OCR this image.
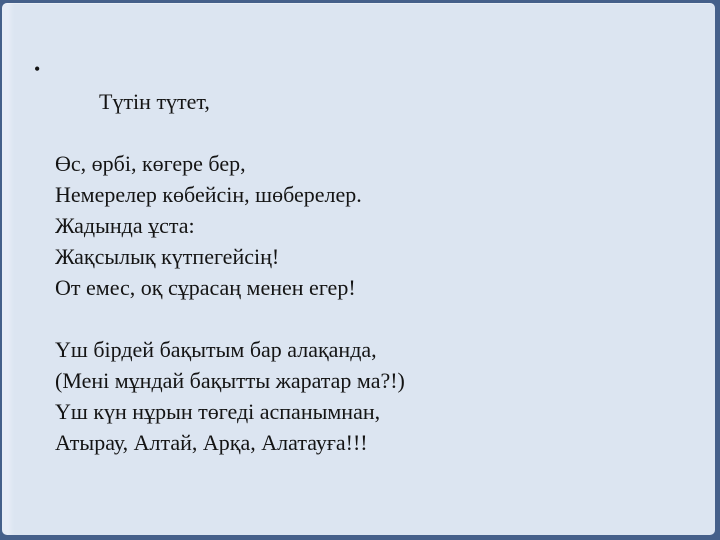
•
Түтін түтет,

Өс, өрбі, көгере бер,
Немерелер көбейсін, шөберелер.
Жадында ұста:
Жақсылық күтпегейсің!
От емес, оқ сұрасаң менен егер!
Үш бірдей бақытым бар алақанда,
(Мені мұндай бақытты жаратар ма?!)
Үш күн нұрын төгеді аспанымнан,
Атырау, Алтай, Арқа, Алатауға!!!
